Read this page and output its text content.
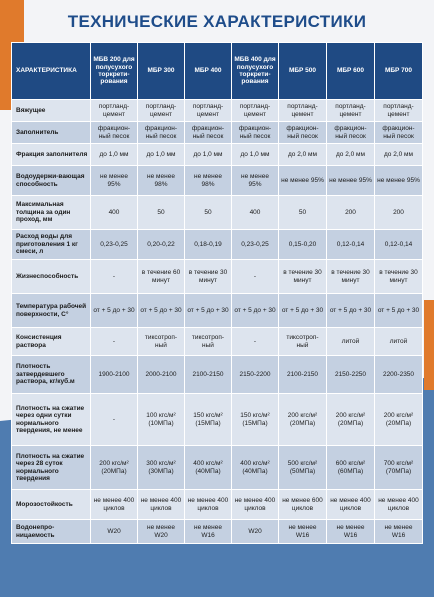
ТЕХНИЧЕСКИЕ ХАРАКТЕРИСТИКИ
ХАРАКТЕРИСТИКА	МБВ 200 для полусухого торкрети-рования	МБР 300	МБР 400	МБВ 400 для полусухого торкрети-рования	МБР 500	МБР 600	МБР 700
Вяжущее	портланд-цемент	портланд-цемент	портланд-цемент	портланд-цемент	портланд-цемент	портланд-цемент	портланд-цемент
Заполнитель	фракцион-ный песок	фракцион-ный песок	фракцион-ный песок	фракцион-ный песок	фракцион-ный песок	фракцион-ный песок	фракцион-ный песок
Фракция заполнителя	до 1,0 мм	до 1,0 мм	до 1,0 мм	до 1,0 мм	до 2,0 мм	до 2,0 мм	до 2,0 мм
Водоудержи-вающая способность	не менее 95%	не менее 98%	не менее 98%	не менее 95%	не менее 95%	не менее 95%	не менее 95%
Максимальная толщина за один проход, мм	400	50	50	400	50	200	200
Расход воды для приготовления 1 кг смеси, л	0,23-0,25	0,20-0,22	0,18-0,19	0,23-0,25	0,15-0,20	0,12-0,14	0,12-0,14
Жизнеспособность	-	в течение 60 минут	в течение 30 минут	-	в течение 30 минут	в течение 30 минут	в течение 30 минут
Температура рабочей поверхности, С°	от + 5 до + 30	от + 5 до + 30	от + 5 до + 30	от + 5 до + 30	от + 5 до + 30	от + 5 до + 30	от + 5 до + 30
Консистенция раствора	-	тиксотроп-ный	тиксотроп-ный	-	тиксотроп-ный	литой	литой
Плотность затвердевшего раствора, кг/куб.м	1900-2100	2000-2100	2100-2150	2150-2200	2100-2150	2150-2250	2200-2350
Плотность на сжатие через одни сутки нормального твердения, не менее	-	100 кгс/м² (10МПа)	150 кгс/м² (15МПа)	150 кгс/м² (15МПа)	200 кгс/м² (20МПа)	200 кгс/м² (20МПа)	200 кгс/м² (20МПа)
Плотность на сжатие через 28 суток нормального твердения	200 кгс/м² (20МПа)	300 кгс/м² (30МПа)	400 кгс/м² (40МПа)	400 кгс/м² (40МПа)	500 кгс/м² (50МПа)	600 кгс/м² (60МПа)	700 кгс/м² (70МПа)
Морозостойкость	не менее 400 циклов	не менее 400 циклов	не менее 400 циклов	не менее 400 циклов	не менее 600 циклов	не менее 400 циклов	не менее 400 циклов
Водонепро-ницаемость	W20	не менее W20	не менее W16	W20	не менее W16	не менее W16	не менее W16
